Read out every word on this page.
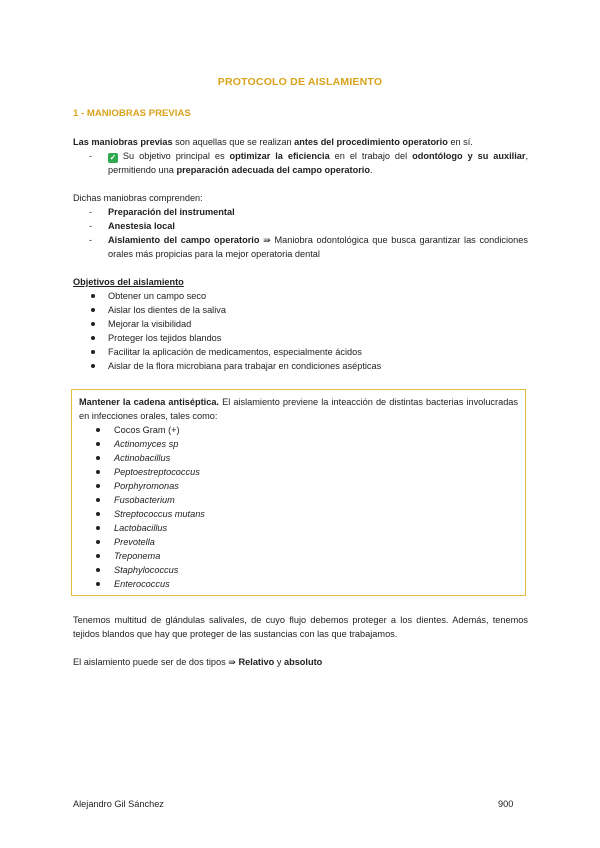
PROTOCOLO DE AISLAMIENTO
1 - MANIOBRAS PREVIAS
Las maniobras previas son aquellas que se realizan antes del procedimiento operatorio en sí.
- ✓ Su objetivo principal es optimizar la eficiencia en el trabajo del odontólogo y su auxiliar, permitiendo una preparación adecuada del campo operatorio.
Dichas maniobras comprenden:
- Preparación del instrumental
- Anestesia local
- Aislamiento del campo operatorio ⇛ Maniobra odontológica que busca garantizar las condiciones orales más propicias para la mejor operatoria dental
Objetivos del aislamiento
Obtener un campo seco
Aislar los dientes de la saliva
Mejorar la visibilidad
Proteger los tejidos blandos
Facilitar la aplicación de medicamentos, especialmente ácidos
Aislar de la flora microbiana para trabajar en condiciones asépticas
Mantener la cadena antiséptica. El aislamiento previene la inteacción de distintas bacterias involucradas en infecciones orales, tales como:
Cocos Gram (+)
Actinomyces sp
Actinobacillus
Peptoestreptococcus
Porphyromonas
Fusobacterium
Streptococcus mutans
Lactobacillus
Prevotella
Treponema
Staphylococcus
Enterococcus
Tenemos multitud de glándulas salivales, de cuyo flujo debemos proteger a los dientes. Además, tenemos tejidos blandos que hay que proteger de las sustancias con las que trabajamos.
El aislamiento puede ser de dos tipos ⇛ Relativo y absoluto
Alejandro Gil Sánchez	900
